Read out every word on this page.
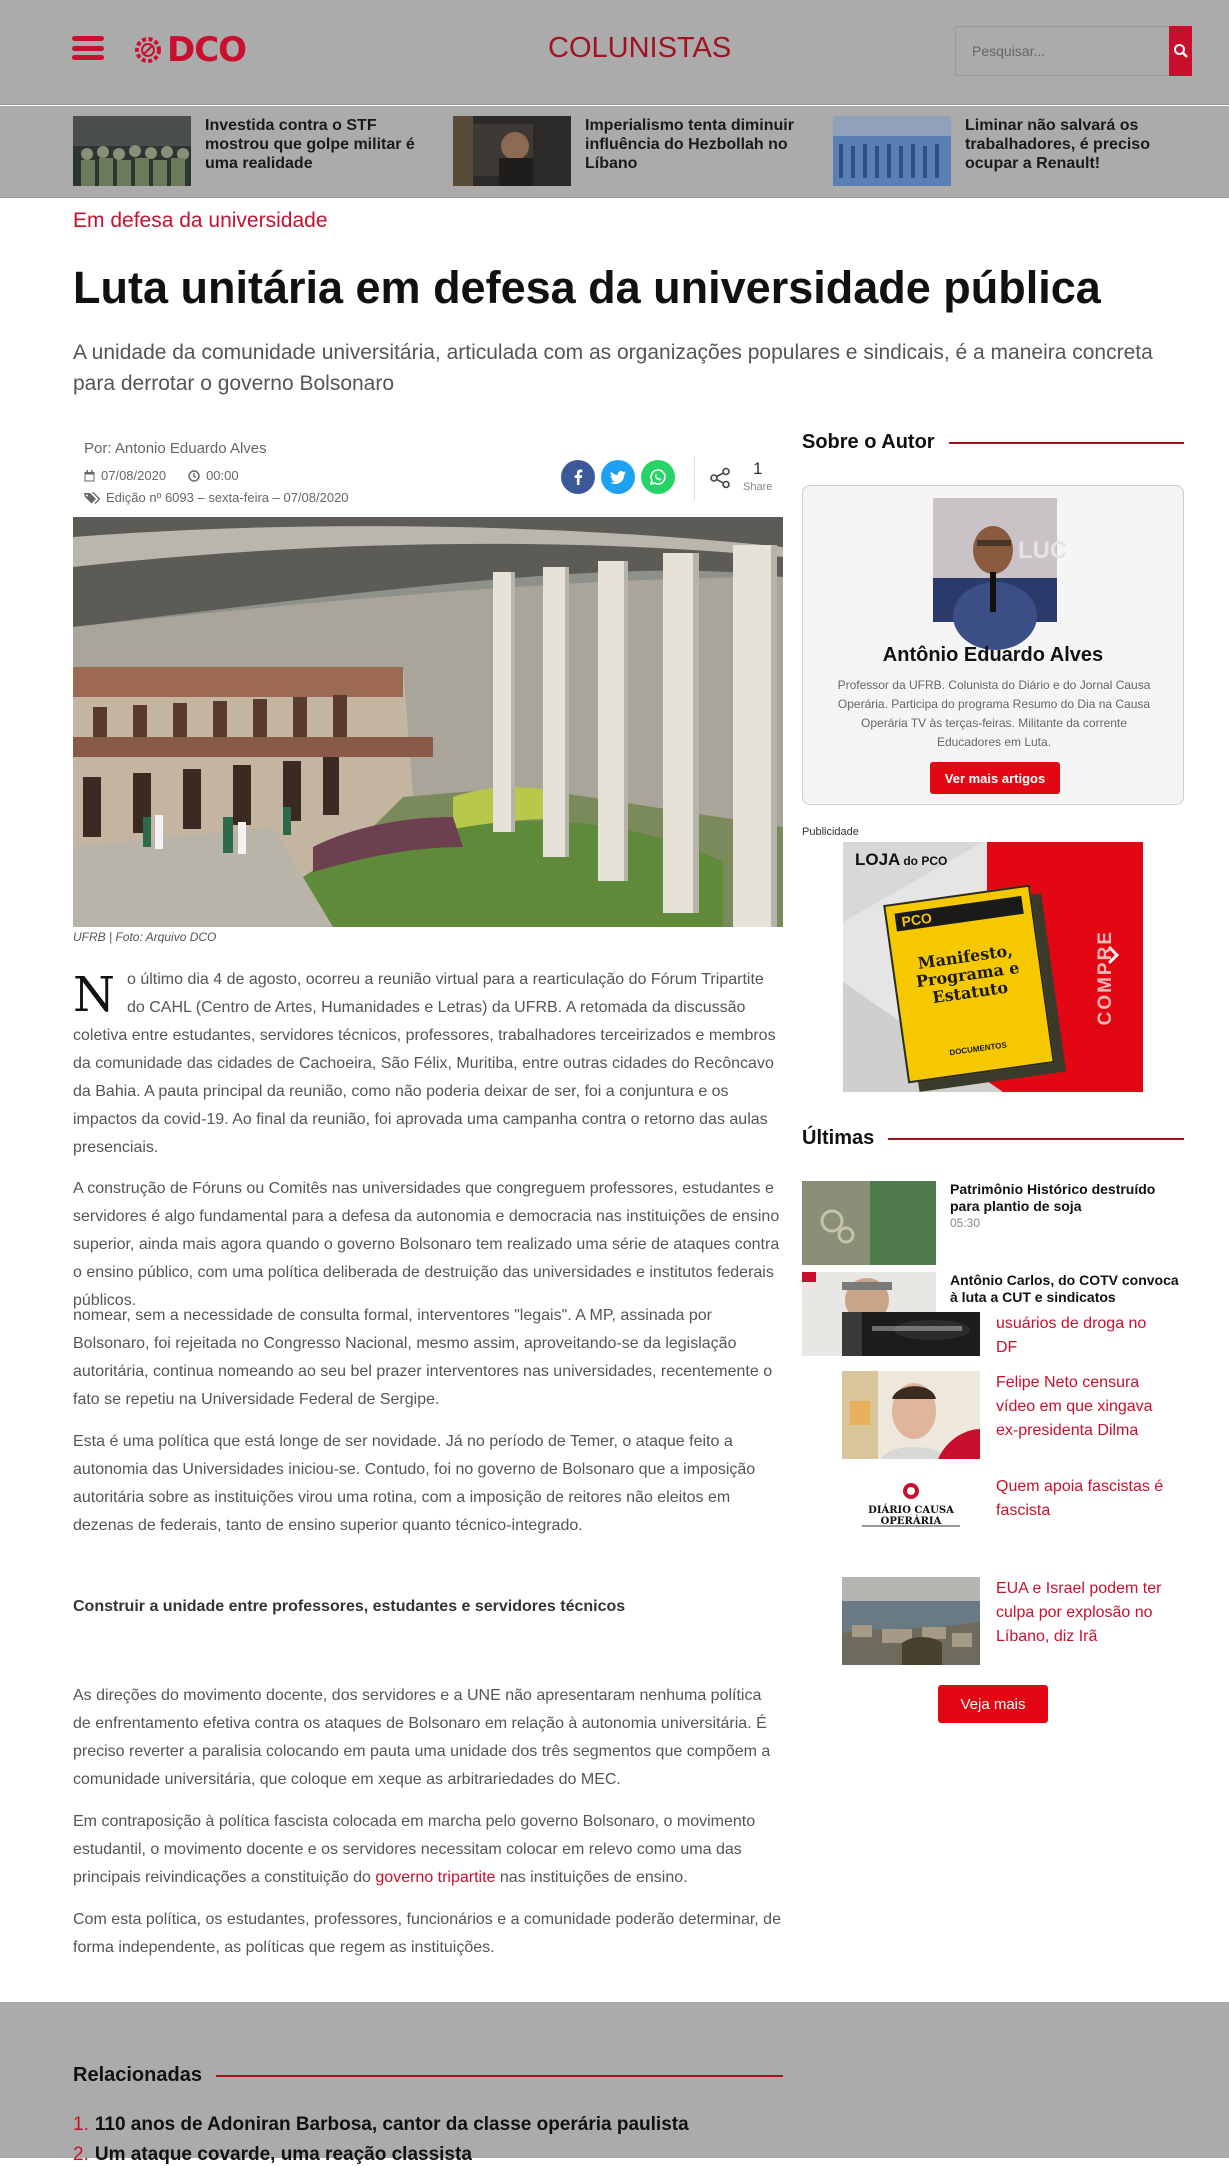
DCO	COLUNISTAS
Pesquisar...
Investida contra o STF mostrou que golpe militar é uma realidade
Imperialismo tenta diminuir influência do Hezbollah no Líbano
Liminar não salvará os trabalhadores, é preciso ocupar a Renault!
Em defesa da universidade
Luta unitária em defesa da universidade pública
A unidade da comunidade universitária, articulada com as organizações populares e sindicais, é a maneira concreta para derrotar o governo Bolsonaro
Por: Antonio Eduardo Alves
07/08/2020	00:00
Edição nº 6093 – sexta-feira – 07/08/2020
1
Share
UFRB | Foto: Arquivo DCO
No último dia 4 de agosto, ocorreu a reunião virtual para a rearticulação do Fórum Tripartite do CAHL (Centro de Artes, Humanidades e Letras) da UFRB. A retomada da discussão coletiva entre estudantes, servidores técnicos, professores, trabalhadores terceirizados e membros da comunidade das cidades de Cachoeira, São Félix, Muritiba, entre outras cidades do Recôncavo da Bahia. A pauta principal da reunião, como não poderia deixar de ser, foi a conjuntura e os impactos da covid-19. Ao final da reunião, foi aprovada uma campanha contra o retorno das aulas presenciais.
A construção de Fóruns ou Comitês nas universidades que congreguem professores, estudantes e servidores é algo fundamental para a defesa da autonomia e democracia nas instituições de ensino superior, ainda mais agora quando o governo Bolsonaro tem realizado uma série de ataques contra o ensino público, com uma política deliberada de destruição das universidades e institutos federais públicos.
nomear, sem a necessidade de consulta formal, interventores "legais". A MP, assinada por Bolsonaro, foi rejeitada no Congresso Nacional, mesmo assim, aproveitando-se da legislação autoritária, continua nomeando ao seu bel prazer interventores nas universidades, recentemente o fato se repetiu na Universidade Federal de Sergipe.
Esta é uma política que está longe de ser novidade. Já no período de Temer, o ataque feito a autonomia das Universidades iniciou-se. Contudo, foi no governo de Bolsonaro que a imposição autoritária sobre as instituições virou uma rotina, com a imposição de reitores não eleitos em dezenas de federais, tanto de ensino superior quanto técnico-integrado.
Construir a unidade entre professores, estudantes e servidores técnicos
As direções do movimento docente, dos servidores e a UNE não apresentaram nenhuma política de enfrentamento efetiva contra os ataques de Bolsonaro em relação à autonomia universitária. É preciso reverter a paralisia colocando em pauta uma unidade dos três segmentos que compõem a comunidade universitária, que coloque em xeque as arbitrariedades do MEC.
Em contraposição à política fascista colocada em marcha pelo governo Bolsonaro, o movimento estudantil, o movimento docente e os servidores necessitam colocar em relevo como uma das principais reivindicações a constituição do governo tripartite nas instituições de ensino.
Com esta política, os estudantes, professores, funcionários e a comunidade poderão determinar, de forma independente, as políticas que regem as instituições.
Sobre o Autor
LUC
Antônio Eduardo Alves
Professor da UFRB. Colunista do Diário e do Jornal Causa Operária. Participa do programa Resumo do Dia na Causa Operária TV às terças-feiras. Militante da corrente Educadores em Luta.
Ver mais artigos
Publicidade
LOJA do PCO
PCO
Manifesto, Programa e Estatuto
DOCUMENTOS
COMPRE
Últimas
Patrimônio Histórico destruído para plantio de soja
05:30
Antônio Carlos, do COTV convoca à luta a CUT e sindicatos
usuários de droga no DF
Felipe Neto censura vídeo em que xingava ex-presidenta Dilma
DIÁRIO CAUSA OPERÁRIA
Quem apoia fascistas é fascista
EUA e Israel podem ter culpa por explosão no Líbano, diz Irã
Veja mais
Relacionadas
1. 110 anos de Adoniran Barbosa, cantor da classe operária paulista
2. Um ataque covarde, uma reação classista
